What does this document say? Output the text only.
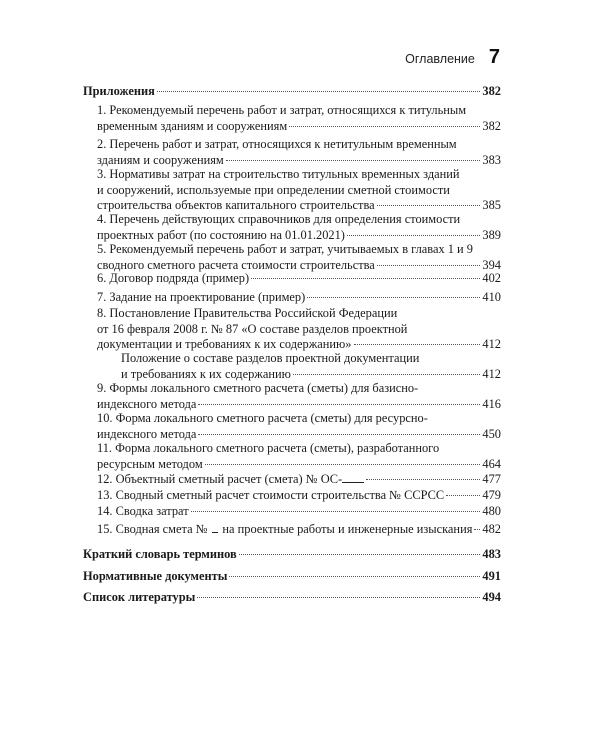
Оглавление 7
Приложения	382
1. Рекомендуемый перечень работ и затрат, относящихся к титульным
временным зданиям и сооружениям	382
2. Перечень работ и затрат, относящихся к нетитульным временным
зданиям и сооружениям	383
3. Нормативы затрат на строительство титульных временных зданий
и сооружений, используемые при определении сметной стоимости
строительства объектов капитального строительства	385
4. Перечень действующих справочников для определения стоимости
проектных работ (по состоянию на 01.01.2021)	389
5. Рекомендуемый перечень работ и затрат, учитываемых в главах 1 и 9
сводного сметного расчета стоимости строительства	394
6. Договор подряда (пример)	402
7. Задание на проектирование (пример)	410
8. Постановление Правительства Российской Федерации
от 16 февраля 2008 г. № 87 «О составе разделов проектной
документации и требованиях к их содержанию»	412
Положение о составе разделов проектной документации
и требованиях к их содержанию	412
9. Формы локального сметного расчета (сметы) для базисно-
индексного метода	416
10. Форма локального сметного расчета (сметы) для ресурсно-
индексного метода	450
11. Форма локального сметного расчета (сметы), разработанного
ресурсным методом	464
12. Объектный сметный расчет (смета) № ОС-	477
13. Сводный сметный расчет стоимости строительства № ССРСС	479
14. Сводка затрат	480
15. Сводная смета № на проектные работы и инженерные изыскания 482
Краткий словарь терминов	483
Нормативные документы	491
Список литературы	494
